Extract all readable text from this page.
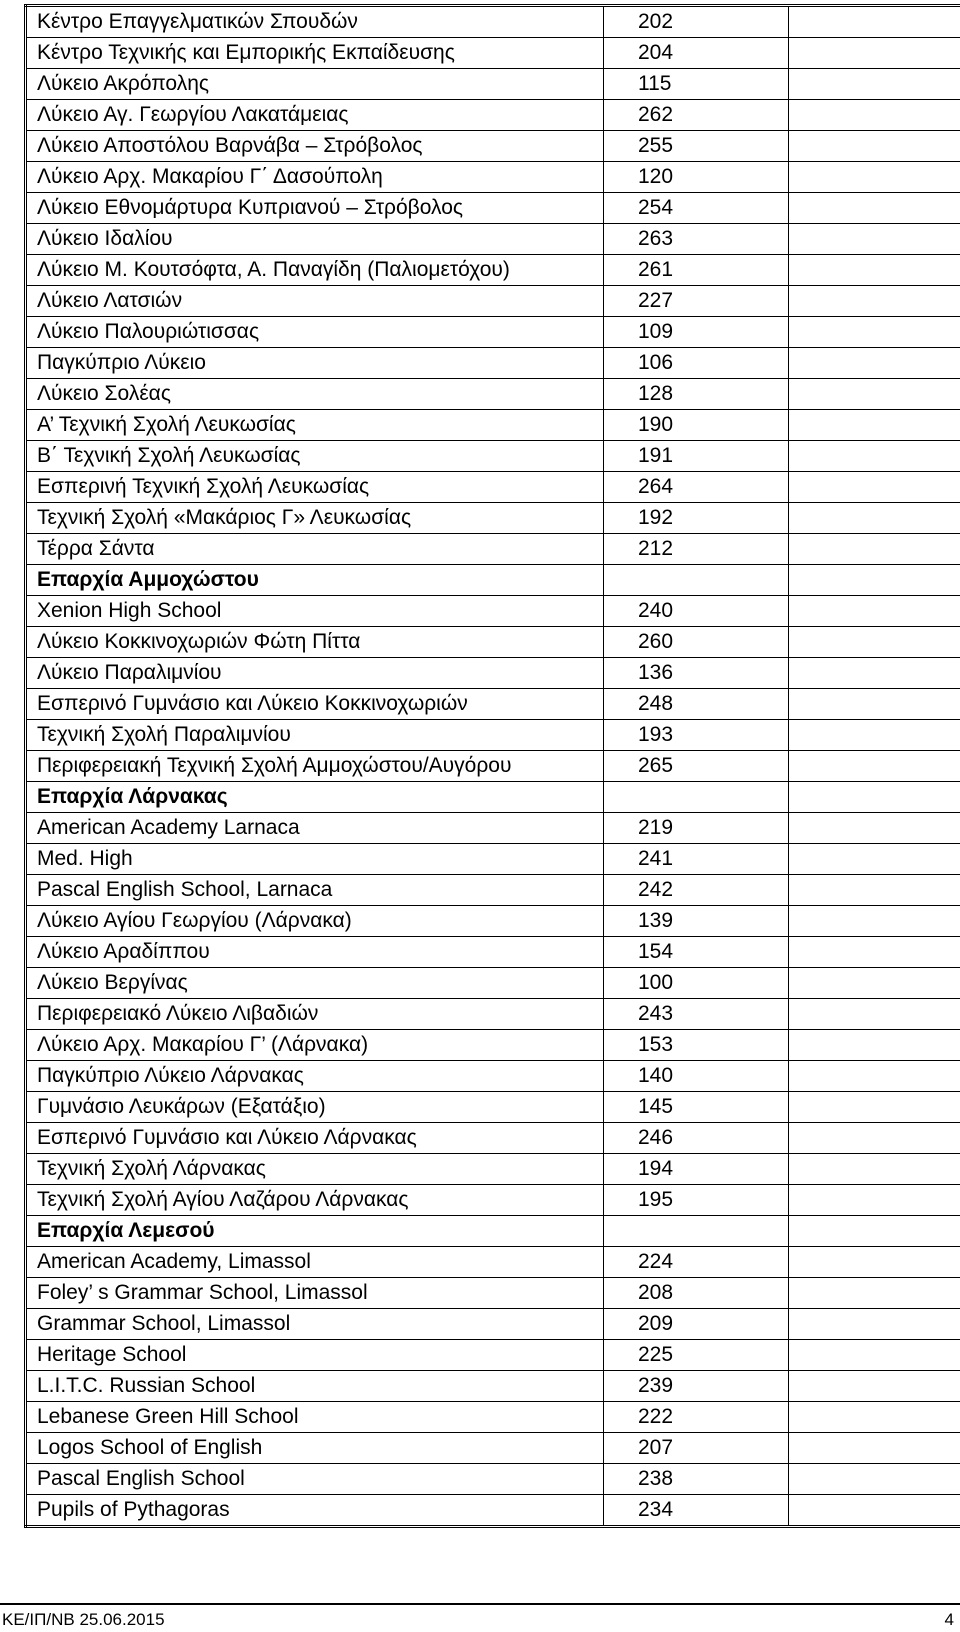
Κέντρο Επαγγελματικών Σπουδών	202	
Κέντρο Τεχνικής και Εμπορικής Εκπαίδευσης	204	
Λύκειο Ακρόπολης	115	
Λύκειο Αγ. Γεωργίου Λακατάμειας	262	
Λύκειο Αποστόλου Βαρνάβα – Στρόβολος	255	
Λύκειο Αρχ. Μακαρίου Γ΄ Δασούπολη	120	
Λύκειο Εθνομάρτυρα Κυπριανού – Στρόβολος	254	
Λύκειο Ιδαλίου	263	
Λύκειο Μ. Κουτσόφτα, Α. Παναγίδη (Παλιομετόχου)	261	
Λύκειο Λατσιών	227	
Λύκειο Παλουριώτισσας	109	
Παγκύπριο Λύκειο	106	
Λύκειο Σολέας	128	
Α’ Τεχνική Σχολή Λευκωσίας	190	
Β΄ Τεχνική Σχολή Λευκωσίας	191	
Εσπερινή Τεχνική Σχολή Λευκωσίας	264	
Τεχνική Σχολή «Μακάριος Γ» Λευκωσίας	192	
Τέρρα Σάντα	212	
Επαρχία Αμμοχώστου		
Xenion High School	240	
Λύκειο Κοκκινοχωριών Φώτη Πίττα	260	
Λύκειο Παραλιμνίου	136	
Εσπερινό Γυμνάσιο και Λύκειο Κοκκινοχωριών	248	
Τεχνική Σχολή Παραλιμνίου	193	
Περιφερειακή Τεχνική Σχολή Αμμοχώστου/Αυγόρου	265	
Επαρχία Λάρνακας		
American Academy Larnaca	219	
Med. High	241	
Pascal English School, Larnaca	242	
Λύκειο Αγίου Γεωργίου (Λάρνακα)	139	
Λύκειο Αραδίππου	154	
Λύκειο Βεργίνας	100	
Περιφερειακό Λύκειο Λιβαδιών	243	
Λύκειο Αρχ. Μακαρίου Γ’ (Λάρνακα)	153	
Παγκύπριο Λύκειο Λάρνακας	140	
Γυμνάσιο Λευκάρων (Εξατάξιο)	145	
Εσπερινό Γυμνάσιο και Λύκειο Λάρνακας	246	
Τεχνική Σχολή Λάρνακας	194	
Τεχνική Σχολή Αγίου Λαζάρου Λάρνακας	195	
Επαρχία Λεμεσού		
American Academy, Limassol	224	
Foley’ s Grammar School, Limassol	208	
Grammar School, Limassol	209	
Heritage School	225	
L.I.T.C. Russian School	239	
Lebanese Green Hill School	222	
Logos School of English	207	
Pascal English School	238	
Pupils of Pythagoras	234	
ΚΕ/ΙΠ/ΝΒ 25.06.2015	4
